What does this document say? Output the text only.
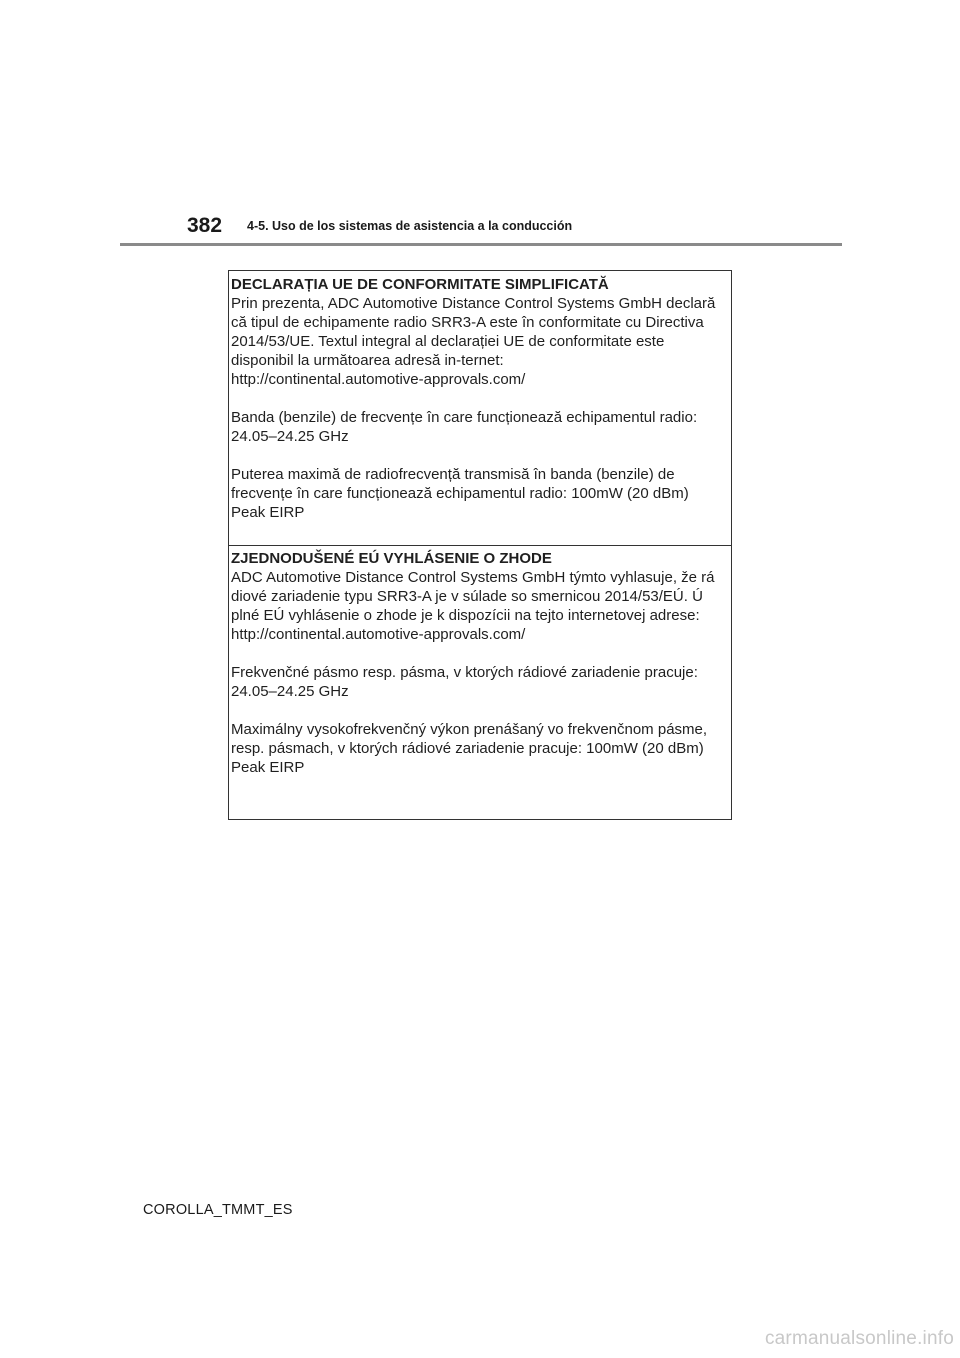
382 4-5. Uso de los sistemas de asistencia a la conducción
DECLARAȚIA UE DE CONFORMITATE SIMPLIFICATĂ

Prin prezenta, ADC Automotive Distance Control Systems GmbH declară

că tipul de echipamente radio SRR3-A este în conformitate cu Directiva

2014/53/UE. Textul integral al declarației UE de conformitate este

disponibil la următoarea adresă in-ternet:

http://continental.automotive-approvals.com/

Banda (benzile) de frecvențe în care funcționează echipamentul radio:

24.05–24.25 GHz

Puterea maximă de radiofrecvență transmisă în banda (benzile) de

frecvențe în care funcționează echipamentul radio: 100mW (20 dBm)

Peak EIRP

ZJEDNODUŠENÉ EÚ VYHLÁSENIE O ZHODE

ADC Automotive Distance Control Systems GmbH týmto vyhlasuje, že rá

diové zariadenie typu SRR3-A je v súlade so smernicou 2014/53/EÚ. Ú

plné EÚ vyhlásenie o zhode je k dispozícii na tejto internetovej adrese:

http://continental.automotive-approvals.com/

Frekvenčné pásmo resp. pásma, v ktorých rádiové zariadenie pracuje:

24.05–24.25 GHz

Maximálny vysokofrekvenčný výkon prenášaný vo frekvenčnom pásme,

resp. pásmach, v ktorých rádiové zariadenie pracuje: 100mW (20 dBm)

Peak EIRP

COROLLA_TMMT_ES
carmanualsonline.info
